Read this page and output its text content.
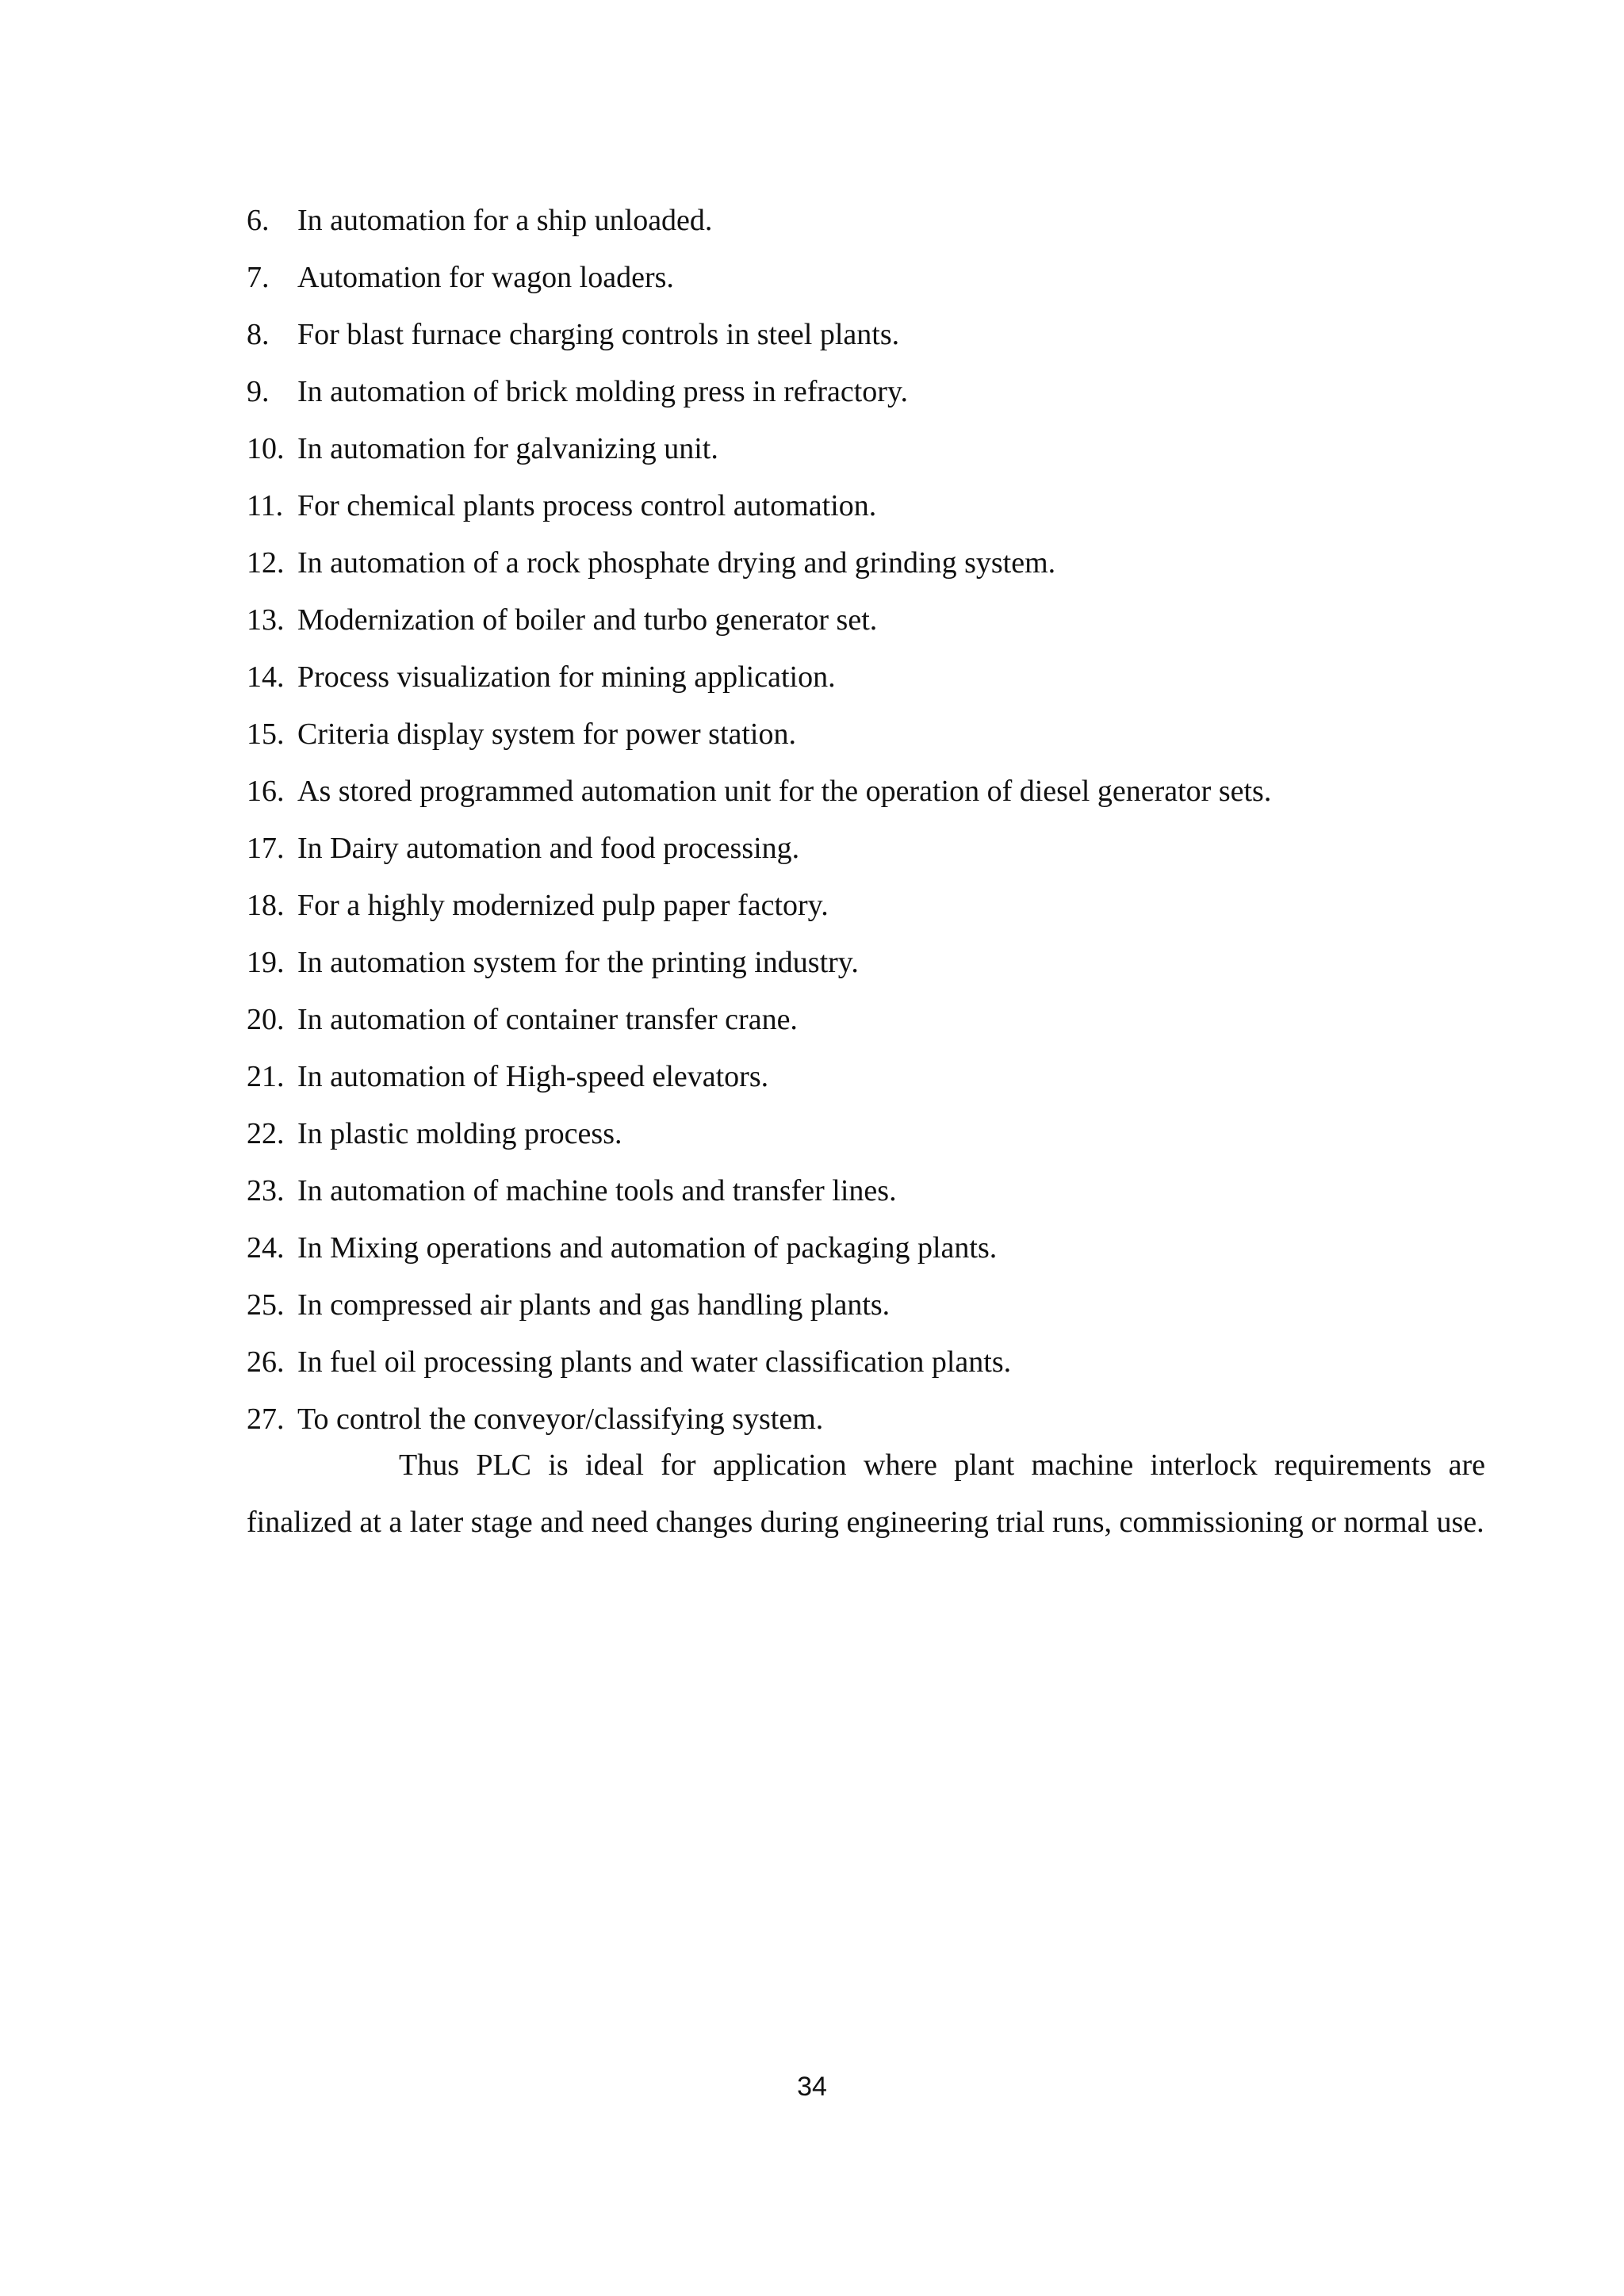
6. In automation for a ship unloaded.
7. Automation for wagon loaders.
8. For blast furnace charging controls in steel plants.
9. In automation of brick molding press in refractory.
10. In automation for galvanizing unit.
11. For chemical plants process control automation.
12. In automation of a rock phosphate drying and grinding system.
13. Modernization of boiler and turbo generator set.
14. Process visualization for mining application.
15. Criteria display system for power station.
16. As stored programmed automation unit for the operation of diesel generator sets.
17. In Dairy automation and food processing.
18. For a highly modernized pulp paper factory.
19. In automation system for the printing industry.
20. In automation of container transfer crane.
21. In automation of High-speed elevators.
22. In plastic molding process.
23. In automation of machine tools and transfer lines.
24. In Mixing operations and automation of packaging plants.
25. In compressed air plants and gas handling plants.
26. In fuel oil processing plants and water classification plants.
27. To control the conveyor/classifying system.

Thus PLC is ideal for application where plant machine interlock requirements are finalized at a later stage and need changes during engineering trial runs, commissioning or normal use.

34
